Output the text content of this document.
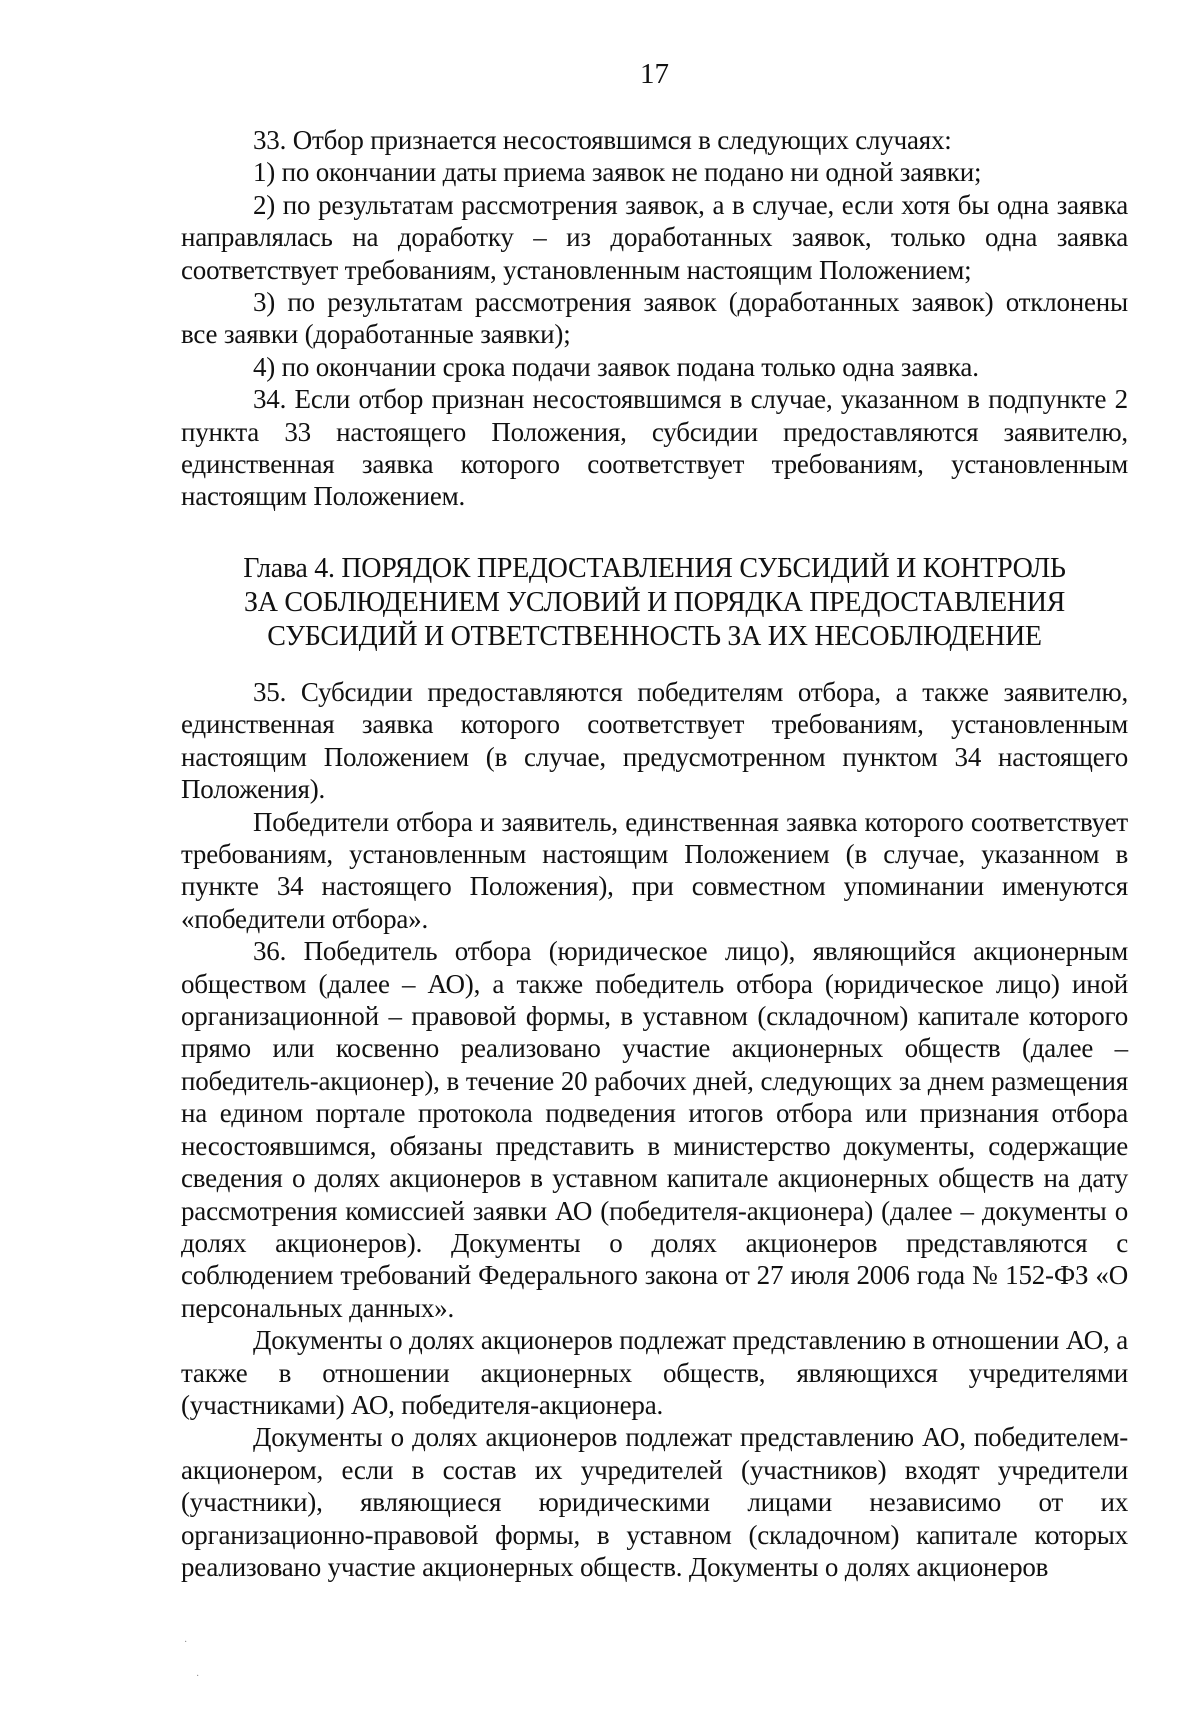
17

33. Отбор признается несостоявшимся в следующих случаях:

1) по окончании даты приема заявок не подано ни одной заявки;

2) по результатам рассмотрения заявок, а в случае, если хотя бы одна заявка направлялась на доработку – из доработанных заявок, только одна заявка соответствует требованиям, установленным настоящим Положением;

3) по результатам рассмотрения заявок (доработанных заявок) отклонены все заявки (доработанные заявки);

4) по окончании срока подачи заявок подана только одна заявка.

34. Если отбор признан несостоявшимся в случае, указанном в подпункте 2 пункта 33 настоящего Положения, субсидии предоставляются заявителю, единственная заявка которого соответствует требованиям, установленным настоящим Положением.

Глава 4. ПОРЯДОК ПРЕДОСТАВЛЕНИЯ СУБСИДИЙ И КОНТРОЛЬ
ЗА СОБЛЮДЕНИЕМ УСЛОВИЙ И ПОРЯДКА ПРЕДОСТАВЛЕНИЯ
СУБСИДИЙ И ОТВЕТСТВЕННОСТЬ ЗА ИХ НЕСОБЛЮДЕНИЕ

35. Субсидии предоставляются победителям отбора, а также заявителю, единственная заявка которого соответствует требованиям, установленным настоящим Положением (в случае, предусмотренном пунктом 34 настоящего Положения).

Победители отбора и заявитель, единственная заявка которого соответствует требованиям, установленным настоящим Положением (в случае, указанном в пункте 34 настоящего Положения), при совместном упоминании именуются «победители отбора».

36. Победитель отбора (юридическое лицо), являющийся акционерным обществом (далее – АО), а также победитель отбора (юридическое лицо) иной организационной – правовой формы, в уставном (складочном) капитале которого прямо или косвенно реализовано участие акционерных обществ (далее – победитель-акционер), в течение 20 рабочих дней, следующих за днем размещения на едином портале протокола подведения итогов отбора или признания отбора несостоявшимся, обязаны представить в министерство документы, содержащие сведения о долях акционеров в уставном капитале акционерных обществ на дату рассмотрения комиссией заявки АО (победителя-акционера) (далее – документы о долях акционеров). Документы о долях акционеров представляются с соблюдением требований Федерального закона от 27 июля 2006 года № 152-ФЗ «О персональных данных».

Документы о долях акционеров подлежат представлению в отношении АО, а также в отношении акционерных обществ, являющихся учредителями (участниками) АО, победителя-акционера.

Документы о долях акционеров подлежат представлению АО, победителем-акционером, если в состав их учредителей (участников) входят учредители (участники), являющиеся юридическими лицами независимо от их организационно-правовой формы, в уставном (складочном) капитале которых реализовано участие акционерных обществ. Документы о долях акционеров

·
·
